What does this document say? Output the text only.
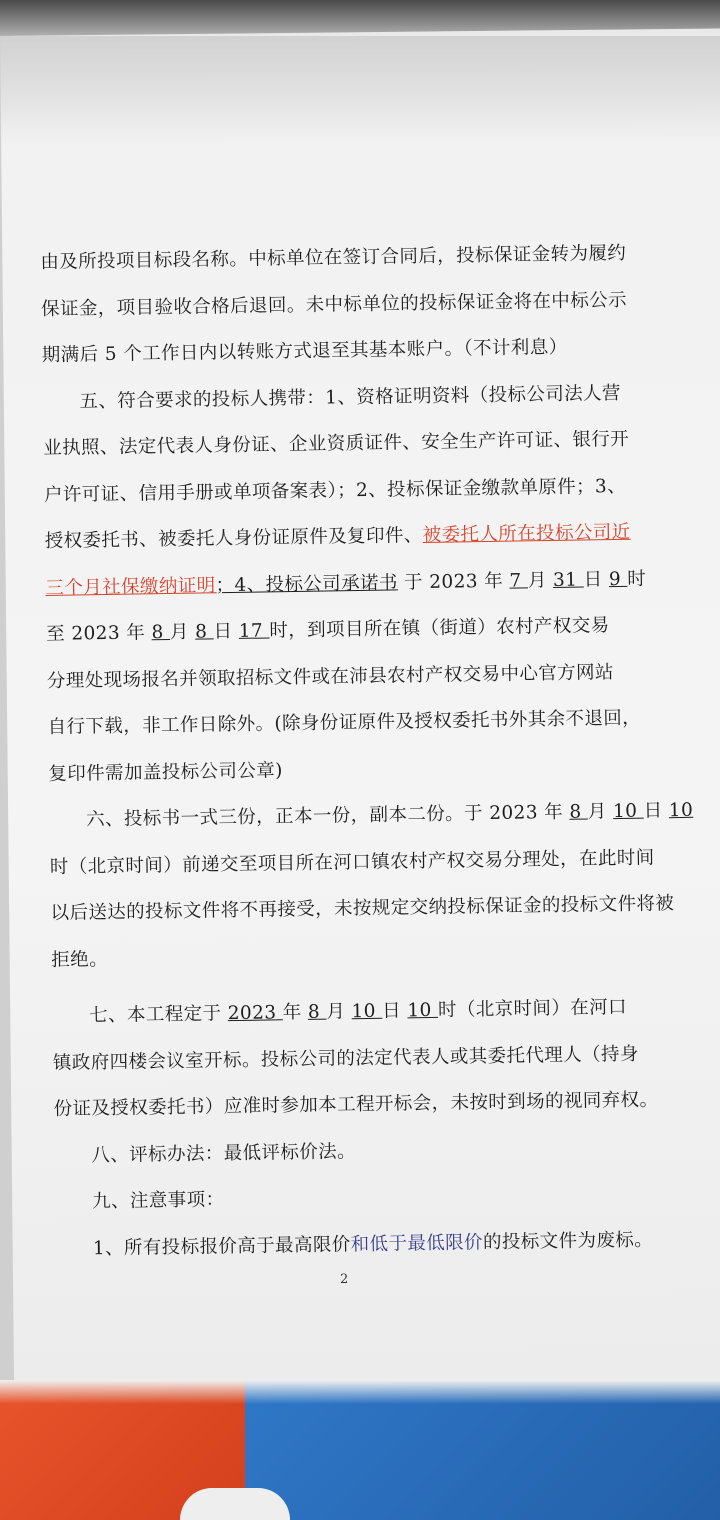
由及所投项目标段名称。中标单位在签订合同后，投标保证金转为履约
保证金，项目验收合格后退回。未中标单位的投标保证金将在中标公示
期满后 5 个工作日内以转账方式退至其基本账户。（不计利息）
五、符合要求的投标人携带：1、资格证明资料（投标公司法人营
业执照、法定代表人身份证、企业资质证件、安全生产许可证、银行开
户许可证、信用手册或单项备案表）；2、投标保证金缴款单原件；3、
授权委托书、被委托人身份证原件及复印件、被委托人所在投标公司近
三个月社保缴纳证明；4、投标公司承诺书 于 2023 年 7 月 31 日 9 时
至 2023 年 8 月 8 日 17 时，到项目所在镇（街道）农村产权交易
分理处现场报名并领取招标文件或在沛县农村产权交易中心官方网站
自行下载，非工作日除外。(除身份证原件及授权委托书外其余不退回，
复印件需加盖投标公司公章)
六、投标书一式三份，正本一份，副本二份。于 2023 年 8 月 10 日 10
时（北京时间）前递交至项目所在河口镇农村产权交易分理处，在此时间
以后送达的投标文件将不再接受，未按规定交纳投标保证金的投标文件将被
拒绝。
七、本工程定于 2023 年 8 月 10 日 10 时（北京时间）在河口
镇政府四楼会议室开标。投标公司的法定代表人或其委托代理人（持身
份证及授权委托书）应准时参加本工程开标会，未按时到场的视同弃权。
八、评标办法：最低评标价法。
九、注意事项：
1、所有投标报价高于最高限价和低于最低限价的投标文件为废标。
2
